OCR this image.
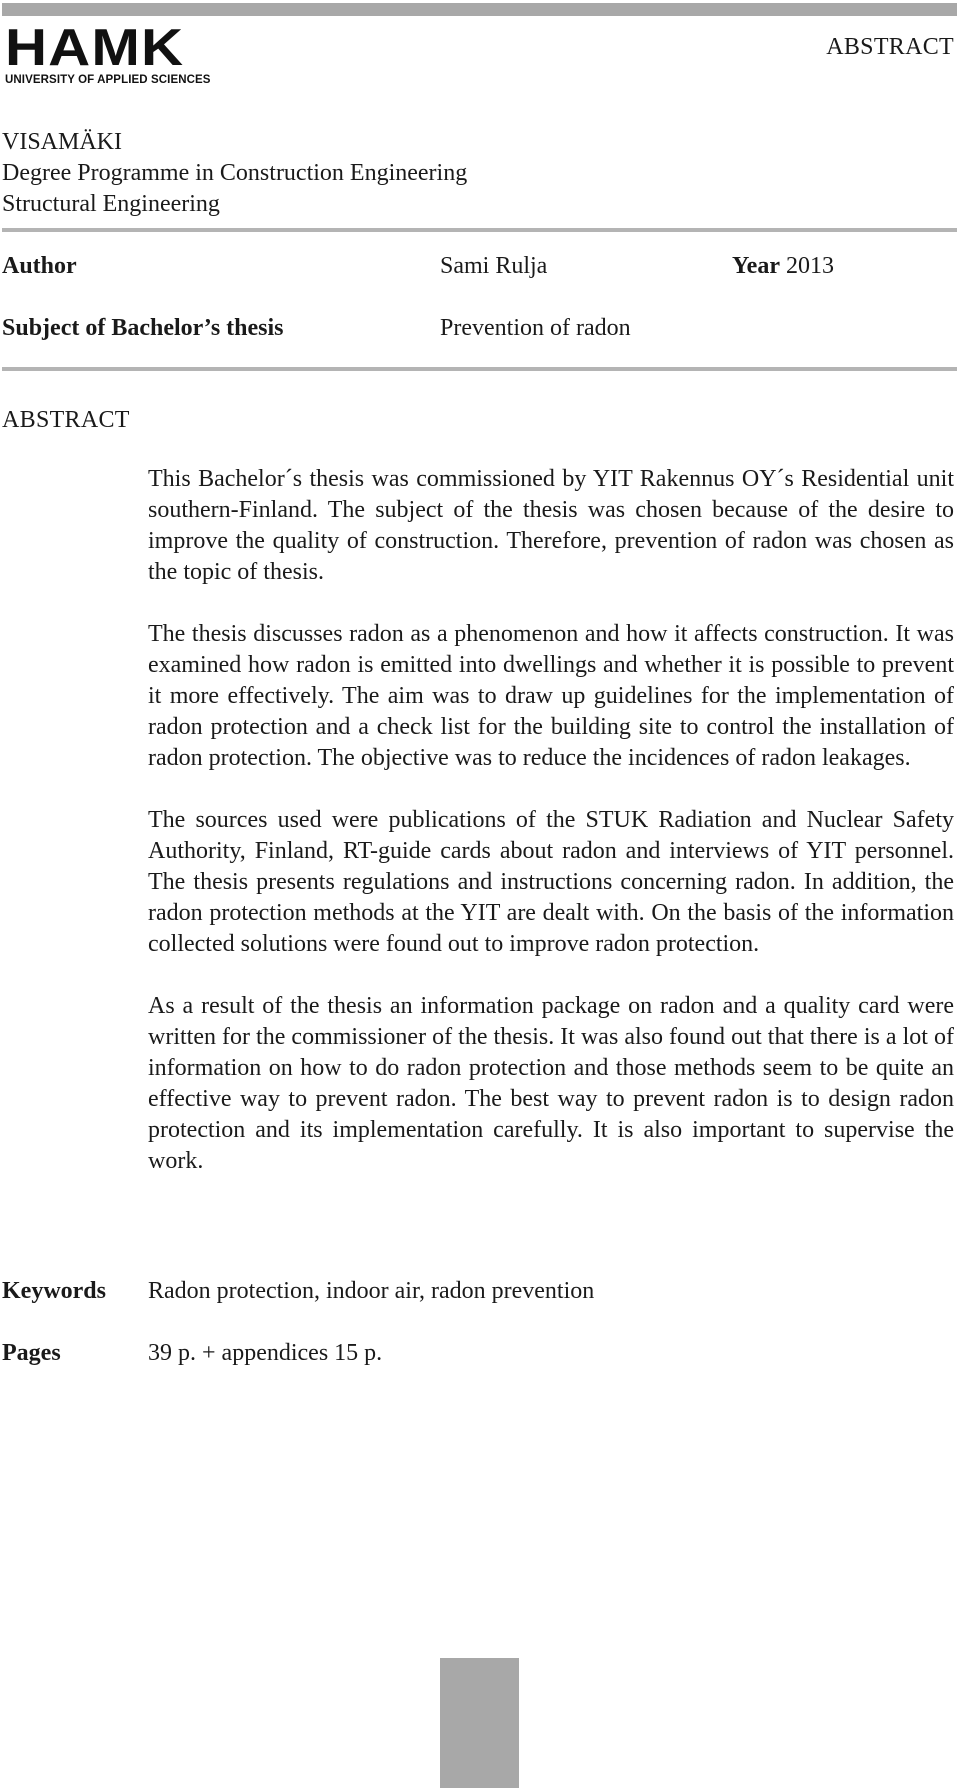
HAMK
UNIVERSITY OF APPLIED SCIENCES
ABSTRACT
VISAMÄKI
Degree Programme in Construction Engineering
Structural Engineering
Author	Sami Rulja	Year 2013
Subject of Bachelor’s thesis	Prevention of radon
ABSTRACT

This Bachelor´s thesis was commissioned by YIT Rakennus OY´s Residential unit southern-Finland. The subject of the thesis was chosen because of the desire to improve the quality of construction. Therefore, prevention of radon was chosen as the topic of thesis.

The thesis discusses radon as a phenomenon and how it affects construction. It was examined how radon is emitted into dwellings and whether it is possible to prevent it more effectively. The aim was to draw up guidelines for the implementation of radon protection and a check list for the building site to control the installation of radon protection. The objective was to reduce the incidences of radon leakages.

The sources used were publications of the STUK Radiation and Nuclear Safety Authority, Finland, RT-guide cards about radon and interviews of YIT personnel. The thesis presents regulations and instructions concerning radon. In addition, the radon protection methods at the YIT are dealt with. On the basis of the information collected solutions were found out to improve radon protection.

As a result of the thesis an information package on radon and a quality card were written for the commissioner of the thesis. It was also found out that there is a lot of information on how to do radon protection and those methods seem to be quite an effective way to prevent radon. The best way to prevent radon is to design radon protection and its implementation carefully. It is also important to supervise the work.

Keywords Radon protection, indoor air, radon prevention
Pages	39 p. + appendices 15 p.
